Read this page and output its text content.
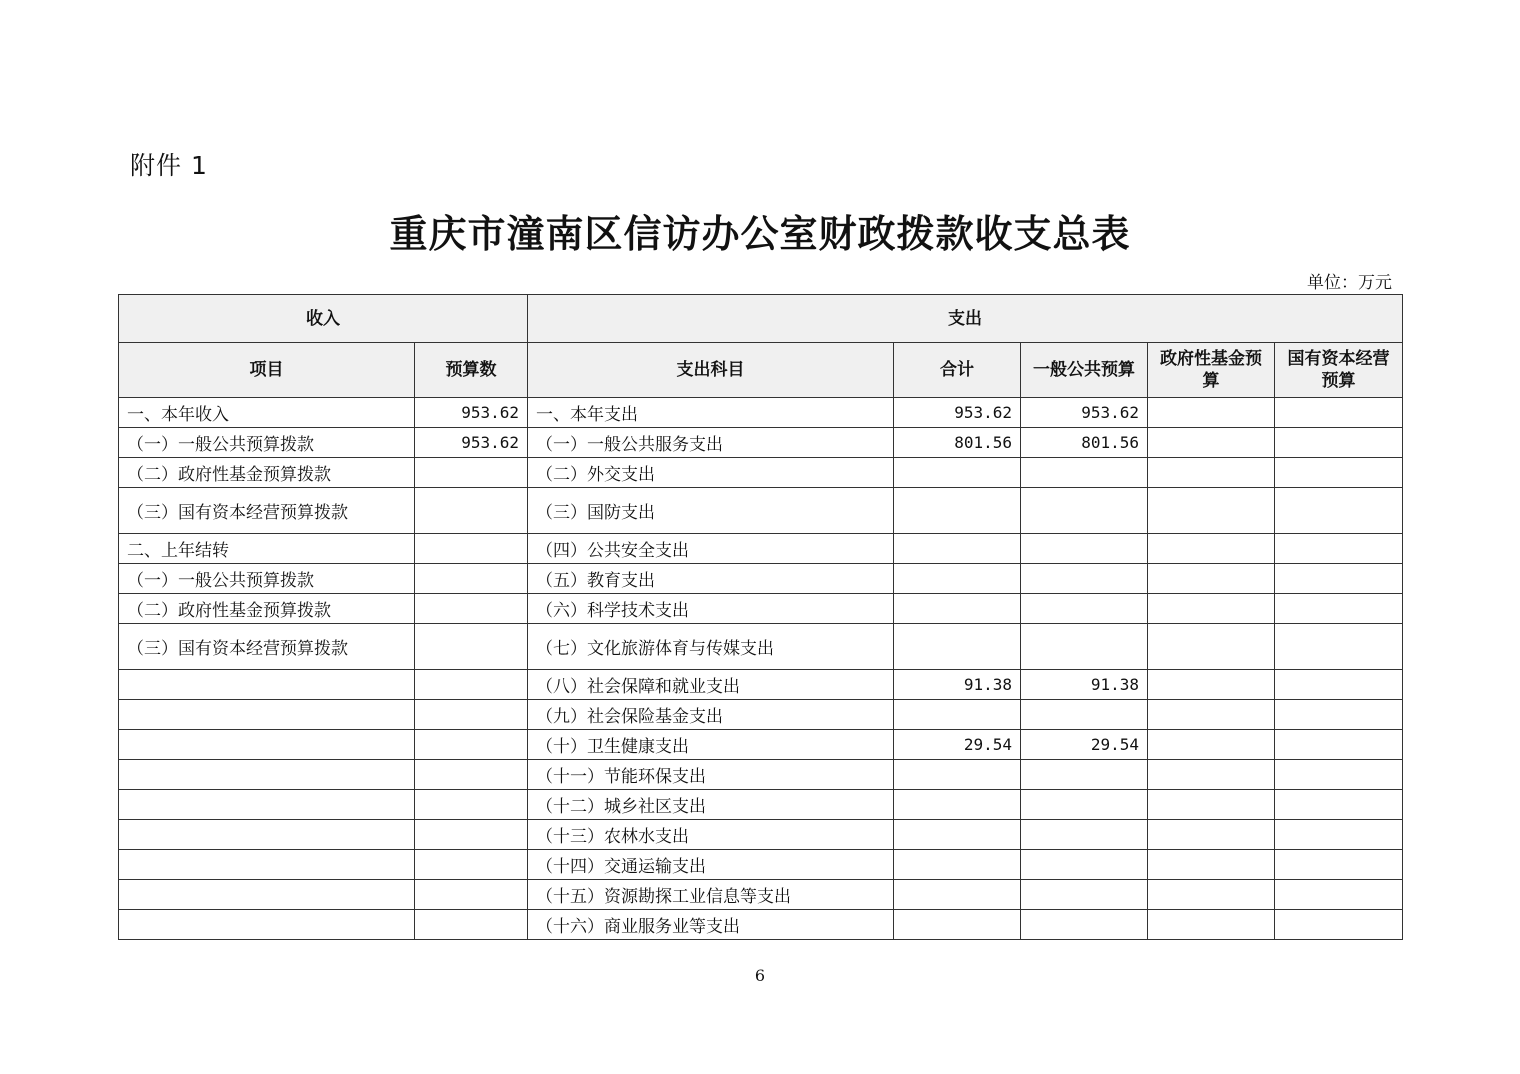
附件 1
重庆市潼南区信访办公室财政拨款收支总表
单位：万元
收入		支出				
项目	预算数	支出科目	合计	一般公共预算	政府性基金预算	国有资本经营预算
一、本年收入	953.62	一、本年支出	953.62	953.62		
（一）一般公共预算拨款	953.62	（一）一般公共服务支出	801.56	801.56		
（二）政府性基金预算拨款		（二）外交支出				
（三）国有资本经营预算拨款		（三）国防支出				
二、上年结转		（四）公共安全支出				
（一）一般公共预算拨款		（五）教育支出				
（二）政府性基金预算拨款		（六）科学技术支出				
（三）国有资本经营预算拨款		（七）文化旅游体育与传媒支出				
		（八）社会保障和就业支出	91.38	91.38		
		（九）社会保险基金支出				
		（十）卫生健康支出	29.54	29.54		
		（十一）节能环保支出				
		（十二）城乡社区支出				
		（十三）农林水支出				
		（十四）交通运输支出				
		（十五）资源勘探工业信息等支出				
		（十六）商业服务业等支出				
6
